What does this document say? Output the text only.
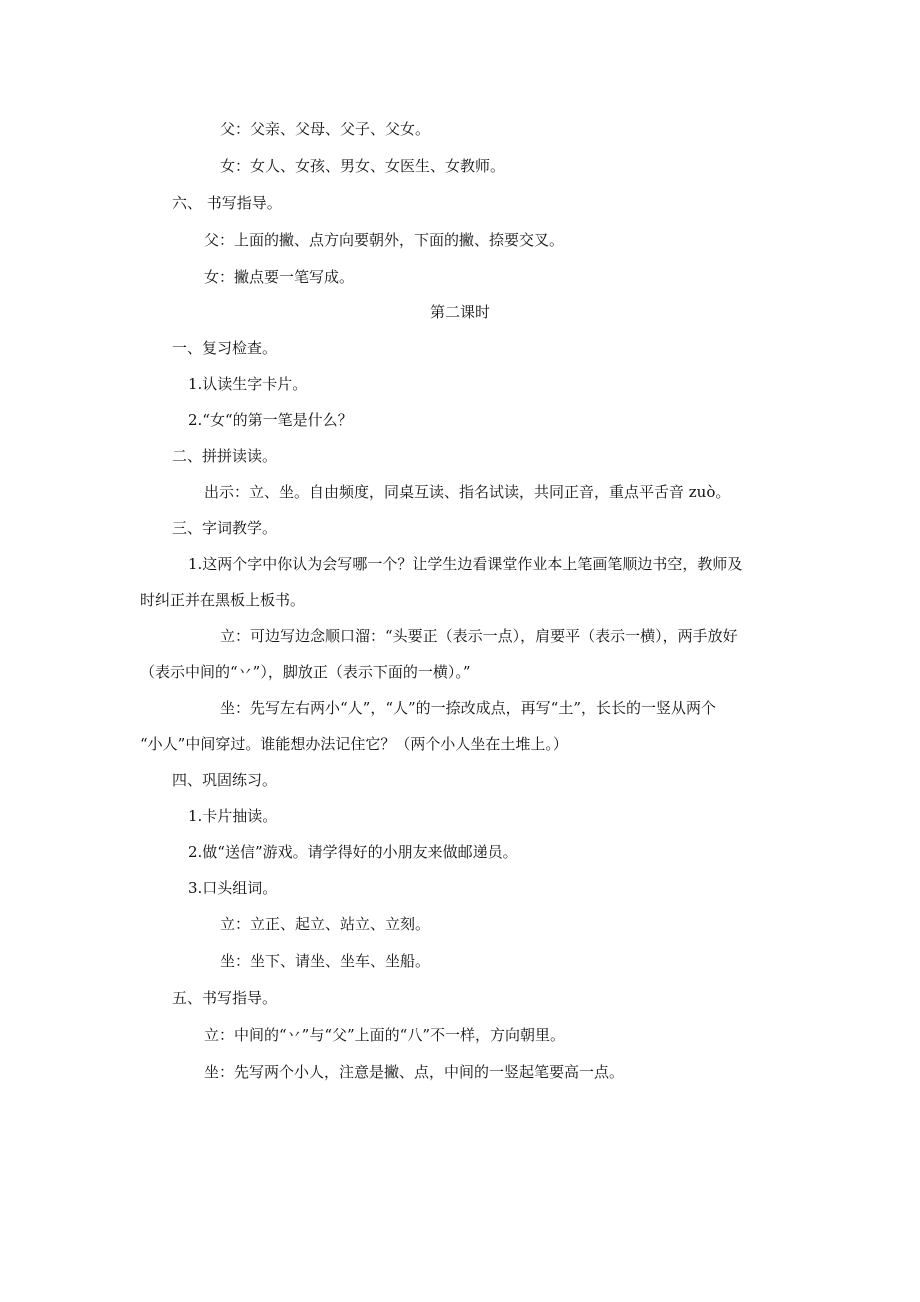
父：父亲、父母、父子、父女。
女：女人、女孩、男女、女医生、女教师。
六、 书写指导。
父：上面的撇、点方向要朝外，下面的撇、捺要交叉。
女：撇点要一笔写成。
第二课时
一、复习检查。
1.认读生字卡片。
2.“女“的第一笔是什么？
二、拼拼读读。
出示：立、坐。自由频度，同桌互读、指名试读，共同正音，重点平舌音 zuò。
三、字词教学。
1.这两个字中你认为会写哪一个？让学生边看课堂作业本上笔画笔顺边书空，教师及
时纠正并在黑板上板书。
立：可边写边念顺口溜：“头要正（表示一点），肩要平（表示一横），两手放好
（表示中间的“丷”），脚放正（表示下面的一横）。”
坐：先写左右两小“人”，“人”的一捺改成点，再写“土”，长长的一竖从两个
“小人”中间穿过。谁能想办法记住它？（两个小人坐在土堆上。）
四、巩固练习。
1.卡片抽读。
2.做“送信”游戏。请学得好的小朋友来做邮递员。
3.口头组词。
立：立正、起立、站立、立刻。
坐：坐下、请坐、坐车、坐船。
五、书写指导。
立：中间的“丷”与“父”上面的“八”不一样，方向朝里。
坐：先写两个小人，注意是撇、点，中间的一竖起笔要高一点。
